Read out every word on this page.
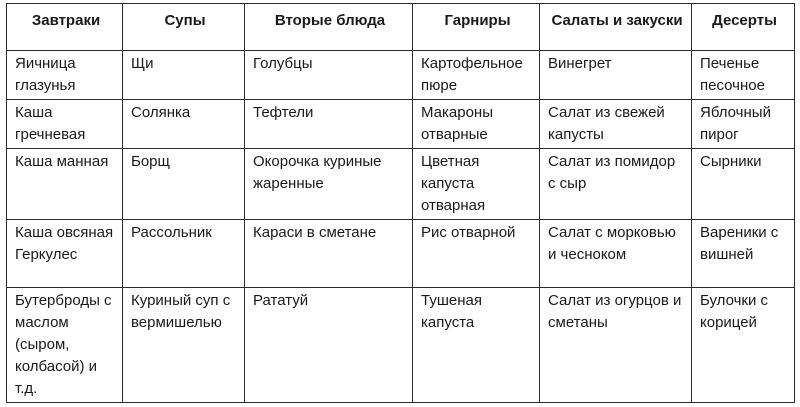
Завтраки	Супы	Вторые блюда	Гарниры	Салаты и закуски	Десерты
Яичница глазунья	Щи	Голубцы	Картофельное пюре	Винегрет	Печенье песочное
Каша гречневая	Солянка	Тефтели	Макароны отварные	Салат из свежей капусты	Яблочный пирог
Каша манная	Борщ	Окорочка куриные жаренные	Цветная капуста отварная	Салат из помидор с сыр	Сырники
Каша овсяная Геркулес	Рассольник	Караси в сметане	Рис отварной	Салат с морковью и чесноком	Вареники с вишней
Бутерброды с маслом (сыром, колбасой) и т.д.	Куриный суп с вермишелью	Рататуй	Тушеная капуста	Салат из огурцов и сметаны	Булочки с корицей
